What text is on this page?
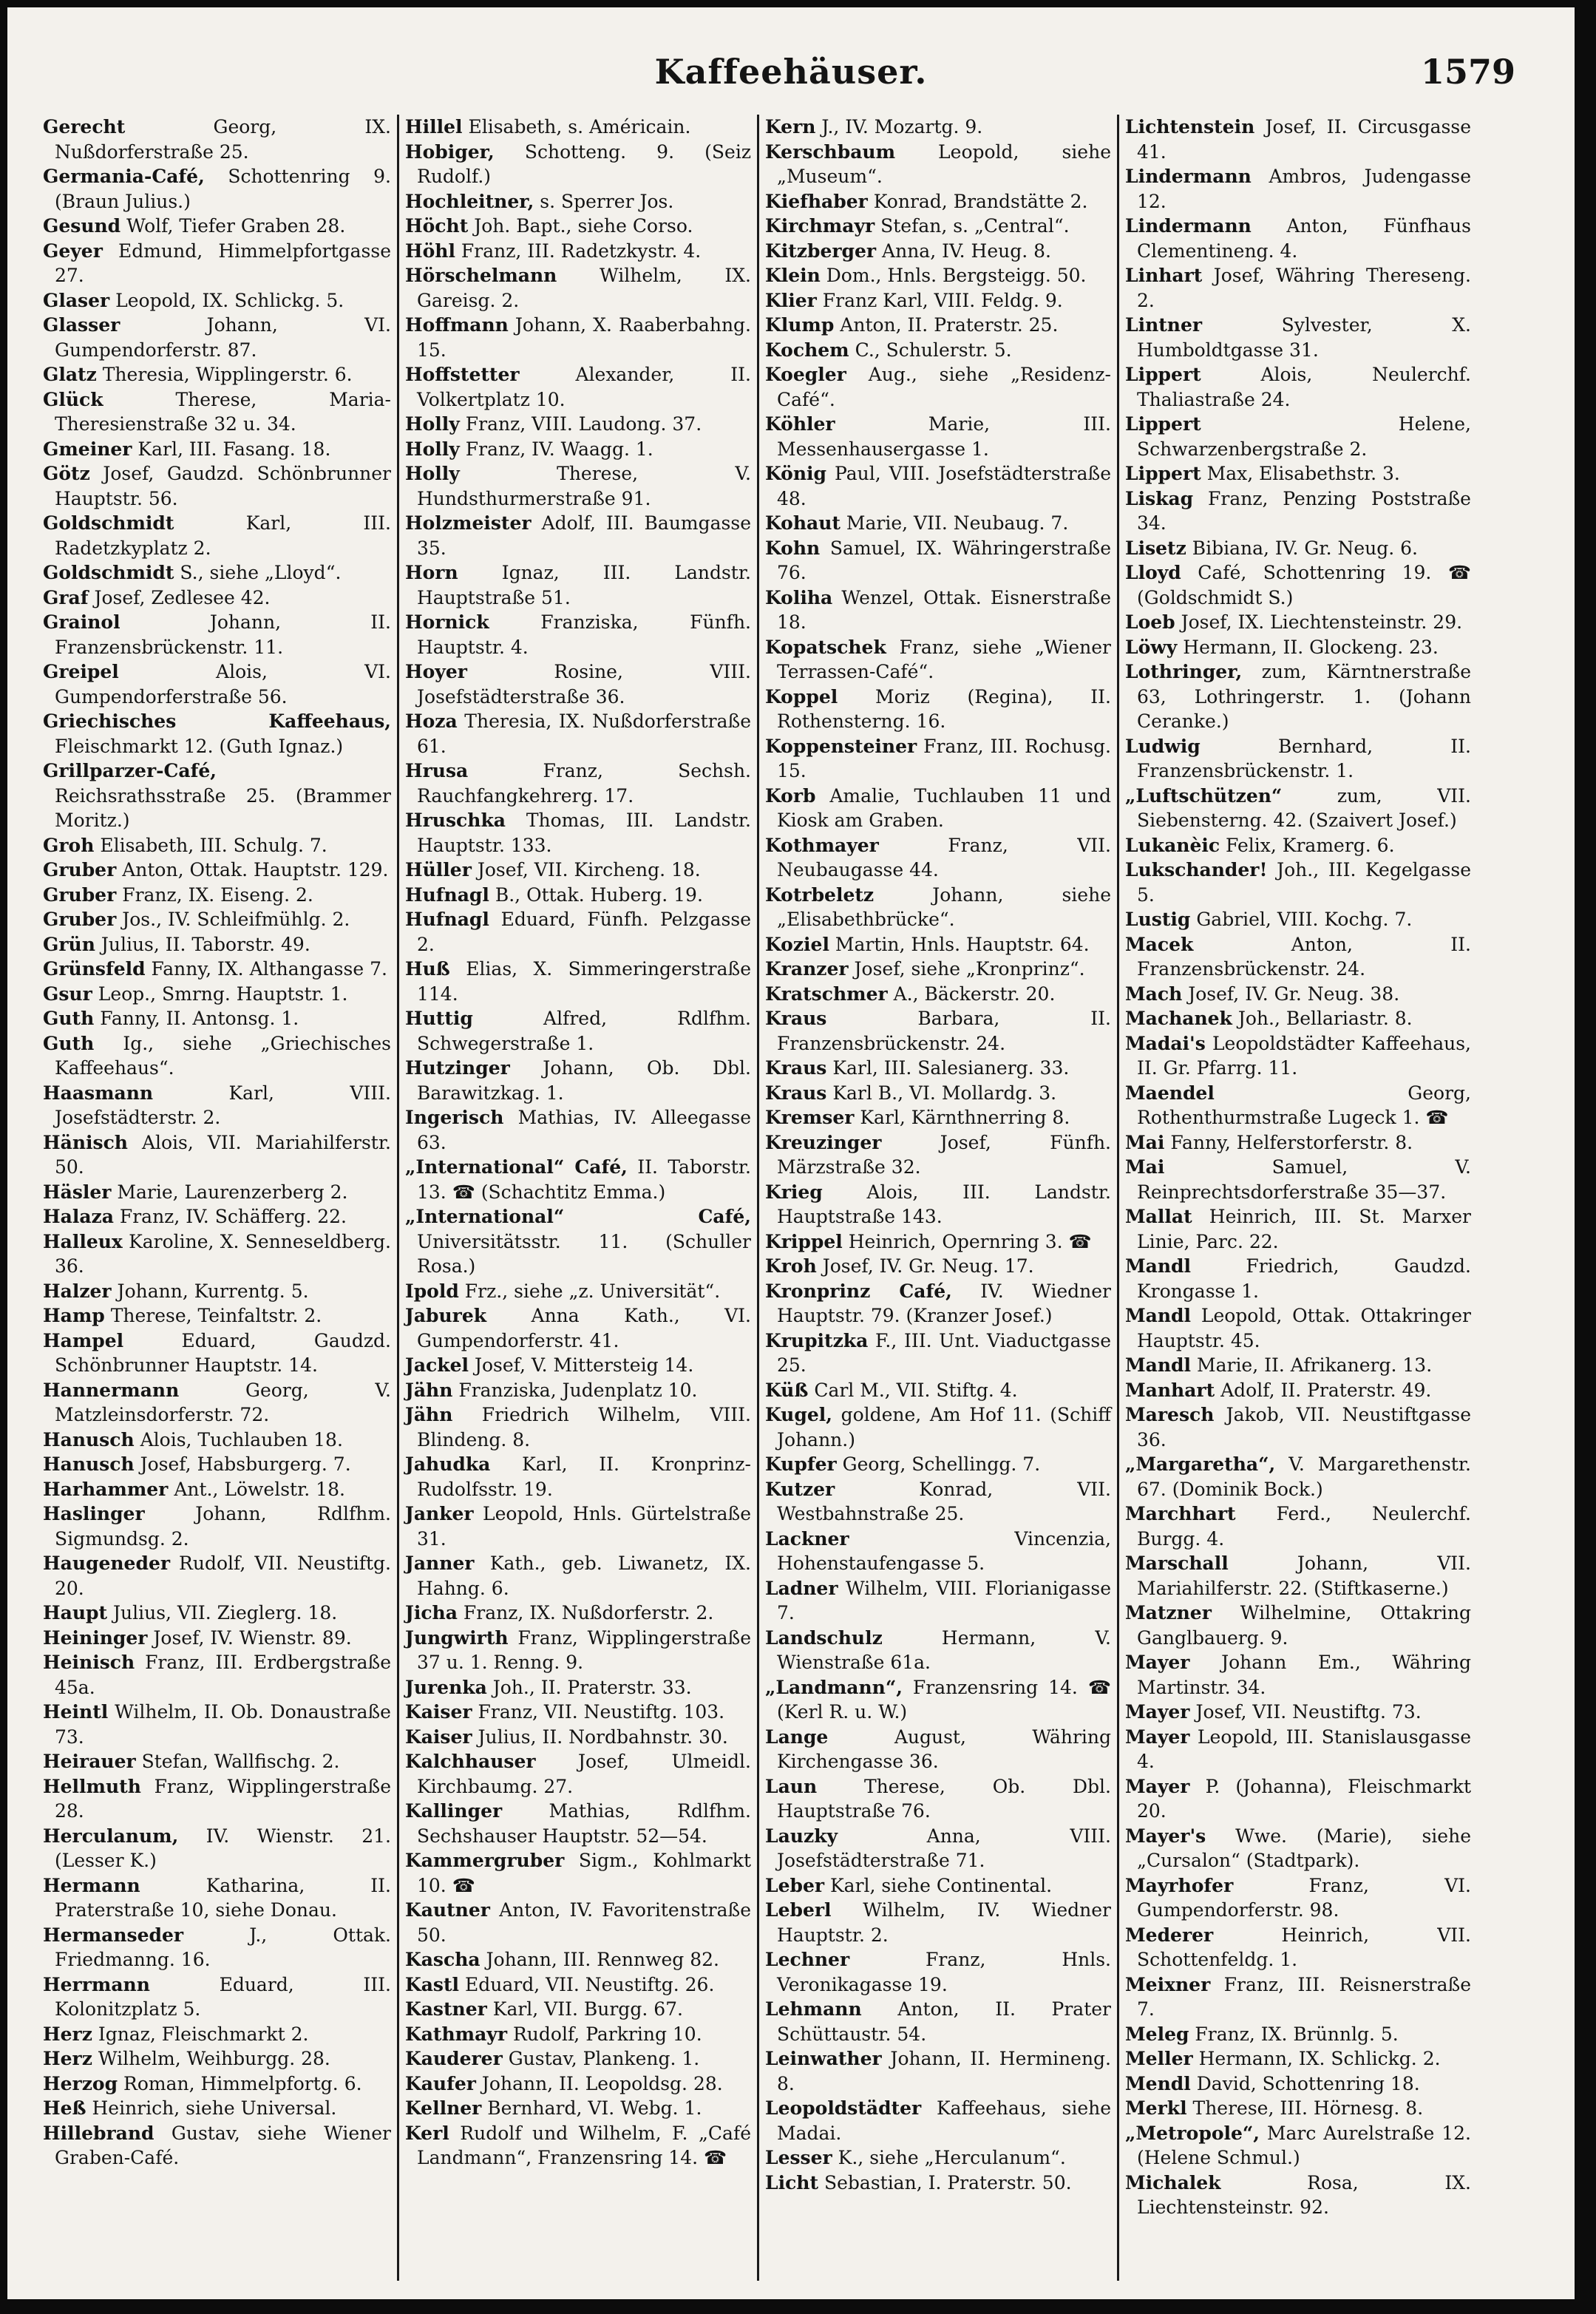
Kaffeehäuser.	1579
Gerecht	Georg, IX. Nußdorferstraße 25.
Germania-Café, Schottenring 9. (Braun Julius.)
Gesund Wolf, Tiefer Graben 28.
Geyer Edmund, Himmelpfortgasse 27.
Glaser Leopold, IX. Schlickg. 5.
Glasser	Johann, VI. Gumpendorferstr. 87.
Glatz Theresia, Wipplingerstr. 6.
Glück	Therese, Maria-Theresienstraße 32 u. 34.
Gmeiner Karl, III. Fasang. 18.
Götz Josef, Gaudzd. Schönbrunner Hauptstr. 56.
Goldschmidt	Karl, III. Radetzkyplatz 2.
Goldschmidt S., siehe „Lloyd“.
Graf Josef, Zedlesee 42.
Grainol	Johann, II. Franzensbrückenstr. 11.
Greipel	Alois, VI. Gumpendorferstraße 56.
Griechisches Kaffeehaus, Fleischmarkt 12. (Guth Ignaz.)
Grillparzer-Café, Reichsrathsstraße 25. (Brammer Moritz.)
Groh Elisabeth, III. Schulg. 7.
Gruber Anton, Ottak. Hauptstr. 129.
Gruber Franz, IX. Eiseng. 2.
Gruber Jos., IV. Schleifmühlg. 2.
Grün Julius, II. Taborstr. 49.
Grünsfeld Fanny, IX. Althangasse 7.
Gsur Leop., Smrng. Hauptstr. 1.
Guth Fanny, II. Antonsg. 1.
Guth Ig., siehe „Griechisches Kaffeehaus“.
Haasmann	Karl, VIII. Josefstädterstr. 2.
Hänisch Alois, VII. Mariahilferstr. 50.
Häsler Marie, Laurenzerberg 2.
Halaza Franz, IV. Schäfferg. 22.
Halleux Karoline, X. Senneseldberg. 36.
Halzer Johann, Kurrentg. 5.
Hamp Therese, Teinfaltstr. 2.
Hampel	Eduard, Gaudzd. Schönbrunner Hauptstr. 14.
Hannermann	Georg, V. Matzleinsdorferstr. 72.
Hanusch Alois, Tuchlauben 18.
Hanusch Josef, Habsburgerg. 7.
Harhammer Ant., Löwelstr. 18.
Haslinger	Johann, Rdlfhm. Sigmundsg. 2.
Haugeneder Rudolf, VII. Neustiftg. 20.
Haupt Julius, VII. Zieglerg. 18.
Heininger Josef, IV. Wienstr. 89.
Heinisch Franz, III. Erdbergstraße 45a.
Heintl Wilhelm, II. Ob. Donaustraße 73.
Heirauer Stefan, Wallfischg. 2.
Hellmuth Franz, Wipplingerstraße 28.
Herculanum, IV. Wienstr. 21. (Lesser K.)
Hermann	Katharina, II. Praterstraße 10, siehe Donau.
Hermanseder	J., Ottak. Friedmanng. 16.
Herrmann	Eduard, III. Kolonitzplatz 5.
Herz Ignaz, Fleischmarkt 2.
Herz Wilhelm, Weihburgg. 28.
Herzog Roman, Himmelpfortg. 6.
Heß Heinrich, siehe Universal.
Hillebrand Gustav, siehe Wiener Graben-Café.
Hillel Elisabeth, s. Américain.
Hobiger, Schotteng. 9. (Seiz Rudolf.)
Hochleitner, s. Sperrer Jos.
Höcht Joh. Bapt., siehe Corso.
Höhl Franz, III. Radetzkystr. 4.
Hörschelmann Wilhelm, IX. Gareisg. 2.
Hoffmann Johann, X. Raaberbahng. 15.
Hoffstetter	Alexander, II. Volkertplatz 10.
Holly Franz, VIII. Laudong. 37.
Holly Franz, IV. Waagg. 1.
Holly	Therese, V. Hundsthurmerstraße 91.
Holzmeister Adolf, III. Baumgasse 35.
Horn Ignaz, III. Landstr. Hauptstraße 51.
Hornick	Franziska, Fünfh. Hauptstr. 4.
Hoyer	Rosine, VIII. Josefstädterstraße 36.
Hoza Theresia, IX. Nußdorferstraße 61.
Hrusa	Franz, Sechsh. Rauchfangkehrerg. 17.
Hruschka Thomas, III. Landstr. Hauptstr. 133.
Hüller Josef, VII. Kircheng. 18.
Hufnagl B., Ottak. Huberg. 19.
Hufnagl Eduard, Fünfh. Pelzgasse 2.
Huß Elias, X. Simmeringerstraße 114.
Huttig	Alfred, Rdlfhm. Schwegerstraße 1.
Hutzinger Johann, Ob. Dbl. Barawitzkag. 1.
Ingerisch Mathias, IV. Alleegasse 63.
„International“ Café, II. Taborstr. 13. ☎ (Schachtitz Emma.)
„International“ Café, Universitätsstr. 11. (Schuller Rosa.)
Ipold Frz., siehe „z. Universität“.
Jaburek Anna Kath., VI. Gumpendorferstr. 41.
Jackel Josef, V. Mittersteig 14.
Jähn Franziska, Judenplatz 10.
Jähn Friedrich Wilhelm, VIII. Blindeng. 8.
Jahudka Karl, II. Kronprinz-Rudolfsstr. 19.
Janker Leopold, Hnls. Gürtelstraße 31.
Janner Kath., geb. Liwanetz, IX. Hahng. 6.
Jicha Franz, IX. Nußdorferstr. 2.
Jungwirth Franz, Wipplingerstraße 37 u. 1. Renng. 9.
Jurenka Joh., II. Praterstr. 33.
Kaiser Franz, VII. Neustiftg. 103.
Kaiser Julius, II. Nordbahnstr. 30.
Kalchhauser Josef, Ulmeidl. Kirchbaumg. 27.
Kallinger	Mathias, Rdlfhm. Sechshauser Hauptstr. 52—54.
Kammergruber Sigm., Kohlmarkt 10. ☎
Kautner Anton, IV. Favoritenstraße 50.
Kascha Johann, III. Rennweg 82.
Kastl Eduard, VII. Neustiftg. 26.
Kastner Karl, VII. Burgg. 67.
Kathmayr Rudolf, Parkring 10.
Kauderer Gustav, Plankeng. 1.
Kaufer Johann, II. Leopoldsg. 28.
Kellner Bernhard, VI. Webg. 1.
Kerl Rudolf und Wilhelm, F. „Café Landmann“, Franzensring 14. ☎
Kern J., IV. Mozartg. 9.
Kerschbaum Leopold, siehe „Museum“.
Kiefhaber Konrad, Brandstätte 2.
Kirchmayr Stefan, s. „Central“.
Kitzberger Anna, IV. Heug. 8.
Klein Dom., Hnls. Bergsteigg. 50.
Klier Franz Karl, VIII. Feldg. 9.
Klump Anton, II. Praterstr. 25.
Kochem C., Schulerstr. 5.
Koegler Aug., siehe „Residenz-Café“.
Köhler	Marie, III. Messenhausergasse 1.
König Paul, VIII. Josefstädterstraße 48.
Kohaut Marie, VII. Neubaug. 7.
Kohn Samuel, IX. Währingerstraße 76.
Koliha Wenzel, Ottak. Eisnerstraße 18.
Kopatschek Franz, siehe „Wiener Terrassen-Café“.
Koppel Moriz (Regina), II. Rothensterng. 16.
Koppensteiner Franz, III. Rochusg. 15.
Korb Amalie, Tuchlauben 11 und Kiosk am Graben.
Kothmayer	Franz, VII. Neubaugasse 44.
Kotrbeletz	Johann, siehe „Elisabethbrücke“.
Koziel Martin, Hnls. Hauptstr. 64.
Kranzer Josef, siehe „Kronprinz“.
Kratschmer A., Bäckerstr. 20.
Kraus	Barbara, II. Franzensbrückenstr. 24.
Kraus Karl, III. Salesianerg. 33.
Kraus Karl B., VI. Mollardg. 3.
Kremser Karl, Kärnthnerring 8.
Kreuzinger	Josef, Fünfh. Märzstraße 32.
Krieg Alois, III. Landstr. Hauptstraße 143.
Krippel Heinrich, Opernring 3. ☎
Kroh Josef, IV. Gr. Neug. 17.
Kronprinz Café, IV. Wiedner Hauptstr. 79. (Kranzer Josef.)
Krupitzka F., III. Unt. Viaductgasse 25.
Küß Carl M., VII. Stiftg. 4.
Kugel, goldene, Am Hof 11. (Schiff Johann.)
Kupfer Georg, Schellingg. 7.
Kutzer	Konrad, VII. Westbahnstraße 25.
Lackner	Vincenzia, Hohenstaufengasse 5.
Ladner Wilhelm, VIII. Florianigasse 7.
Landschulz	Hermann, V. Wienstraße 61a.
„Landmann“, Franzensring 14. ☎ (Kerl R. u. W.)
Lange	August, Währing Kirchengasse 36.
Laun	Therese, Ob. Dbl. Hauptstraße 76.
Lauzky	Anna, VIII. Josefstädterstraße 71.
Leber Karl, siehe Continental.
Leberl Wilhelm, IV. Wiedner Hauptstr. 2.
Lechner	Franz, Hnls. Veronikagasse 19.
Lehmann Anton, II. Prater Schüttaustr. 54.
Leinwather Johann, II. Hermineng. 8.
Leopoldstädter Kaffeehaus, siehe Madai.
Lesser K., siehe „Herculanum“.
Licht Sebastian, I. Praterstr. 50.
Lichtenstein Josef, II. Circusgasse 41.
Lindermann Ambros, Judengasse 12.
Lindermann Anton, Fünfhaus Clementineng. 4.
Linhart Josef, Währing Thereseng. 2.
Lintner	Sylvester, X. Humboldtgasse 31.
Lippert	Alois, Neulerchf. Thaliastraße 24.
Lippert	Helene, Schwarzenbergstraße 2.
Lippert Max, Elisabethstr. 3.
Liskag Franz, Penzing Poststraße 34.
Lisetz Bibiana, IV. Gr. Neug. 6.
Lloyd Café, Schottenring 19. ☎ (Goldschmidt S.)
Loeb Josef, IX. Liechtensteinstr. 29.
Löwy Hermann, II. Glockeng. 23.
Lothringer, zum, Kärntnerstraße 63, Lothringerstr. 1. (Johann Ceranke.)
Ludwig	Bernhard, II. Franzensbrückenstr. 1.
„Luftschützen“	zum, VII. Siebensterng. 42. (Szaivert Josef.)
Lukanèic Felix, Kramerg. 6.
Lukschander! Joh., III. Kegelgasse 5.
Lustig Gabriel, VIII. Kochg. 7.
Macek	Anton, II. Franzensbrückenstr. 24.
Mach Josef, IV. Gr. Neug. 38.
Machanek Joh., Bellariastr. 8.
Madai's Leopoldstädter Kaffeehaus, II. Gr. Pfarrg. 11.
Maendel	Georg, Rothenthurmstraße Lugeck 1. ☎
Mai Fanny, Helferstorferstr. 8.
Mai	Samuel, V. Reinprechtsdorferstraße 35—37.
Mallat Heinrich, III. St. Marxer Linie, Parc. 22.
Mandl	Friedrich, Gaudzd. Krongasse 1.
Mandl Leopold, Ottak. Ottakringer Hauptstr. 45.
Mandl Marie, II. Afrikanerg. 13.
Manhart Adolf, II. Praterstr. 49.
Maresch Jakob, VII. Neustiftgasse 36.
„Margaretha“, V. Margarethenstr. 67. (Dominik Bock.)
Marchhart Ferd., Neulerchf. Burgg. 4.
Marschall	Johann, VII. Mariahilferstr. 22. (Stiftkaserne.)
Matzner Wilhelmine, Ottakring Ganglbauerg. 9.
Mayer Johann Em., Währing Martinstr. 34.
Mayer Josef, VII. Neustiftg. 73.
Mayer Leopold, III. Stanislausgasse 4.
Mayer P. (Johanna), Fleischmarkt 20.
Mayer's Wwe. (Marie), siehe „Cursalon“ (Stadtpark).
Mayrhofer	Franz, VI. Gumpendorferstr. 98.
Mederer	Heinrich, VII. Schottenfeldg. 1.
Meixner Franz, III. Reisnerstraße 7.
Meleg Franz, IX. Brünnlg. 5.
Meller Hermann, IX. Schlickg. 2.
Mendl David, Schottenring 18.
Merkl Therese, III. Hörnesg. 8.
„Metropole“, Marc Aurelstraße 12. (Helene Schmul.)
Michalek	Rosa, IX. Liechtensteinstr. 92.
